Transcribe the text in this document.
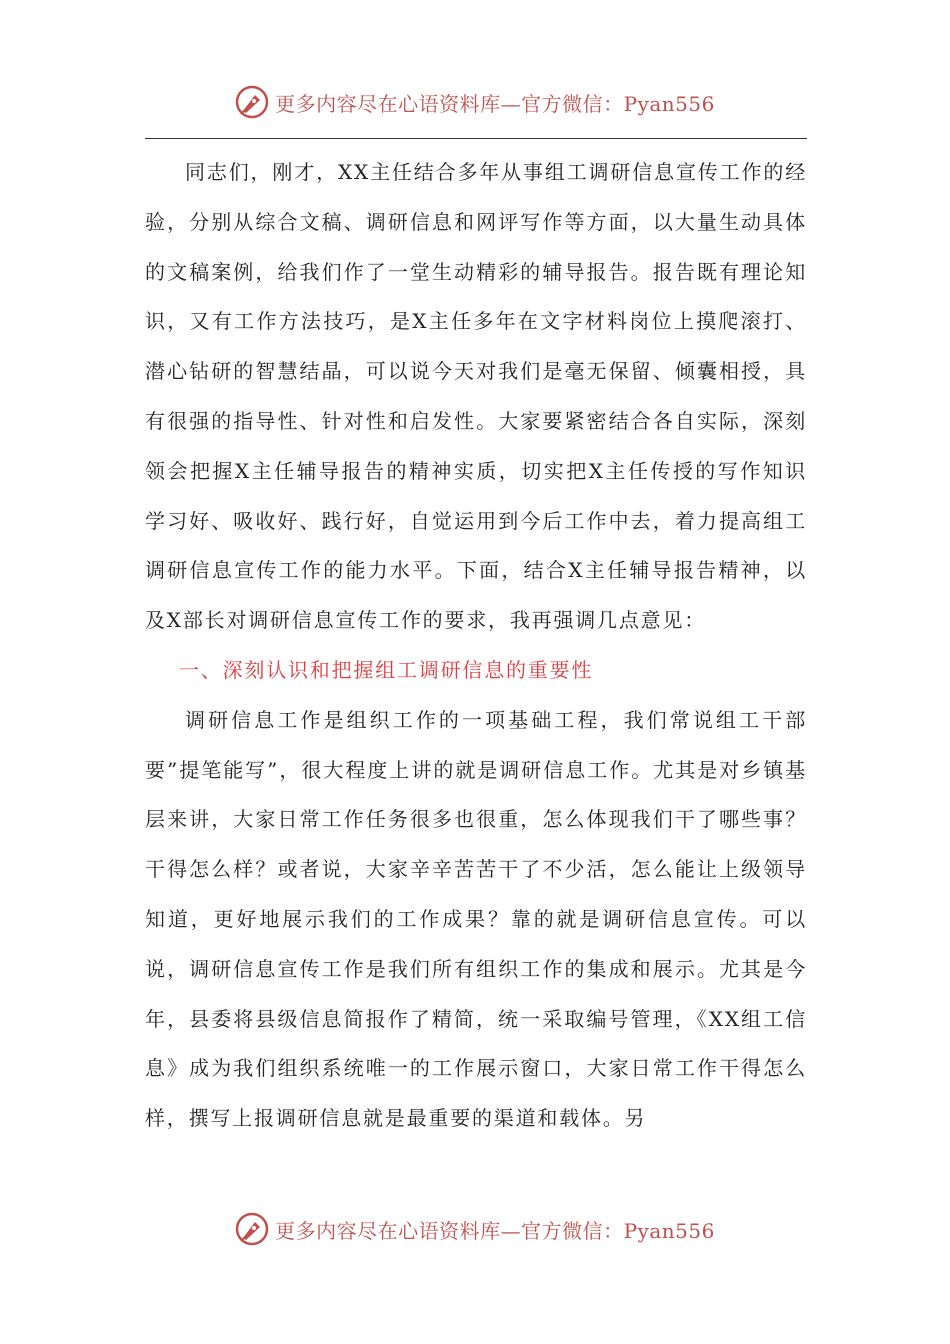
更多内容尽在心语资料库—官方微信：Pyan556

同志们，刚才，XX主任结合多年从事组工调研信息宣传工作的经验，分别从综合文稿、调研信息和网评写作等方面，以大量生动具体的文稿案例，给我们作了一堂生动精彩的辅导报告。报告既有理论知识，又有工作方法技巧，是X主任多年在文字材料岗位上摸爬滚打、潜心钻研的智慧结晶，可以说今天对我们是毫无保留、倾囊相授，具有很强的指导性、针对性和启发性。大家要紧密结合各自实际，深刻领会把握X主任辅导报告的精神实质，切实把X主任传授的写作知识学习好、吸收好、践行好，自觉运用到今后工作中去，着力提高组工调研信息宣传工作的能力水平。下面，结合X主任辅导报告精神，以及X部长对调研信息宣传工作的要求，我再强调几点意见：

一、深刻认识和把握组工调研信息的重要性

调研信息工作是组织工作的一项基础工程，我们常说组工干部要”提笔能写”，很大程度上讲的就是调研信息工作。尤其是对乡镇基层来讲，大家日常工作任务很多也很重，怎么体现我们干了哪些事？干得怎么样？或者说，大家辛辛苦苦干了不少活，怎么能让上级领导知道，更好地展示我们的工作成果？靠的就是调研信息宣传。可以说，调研信息宣传工作是我们所有组织工作的集成和展示。尤其是今年，县委将县级信息简报作了精简，统一采取编号管理，《XX组工信息》成为我们组织系统唯一的工作展示窗口，大家日常工作干得怎么样，撰写上报调研信息就是最重要的渠道和载体。另

更多内容尽在心语资料库—官方微信：Pyan556
